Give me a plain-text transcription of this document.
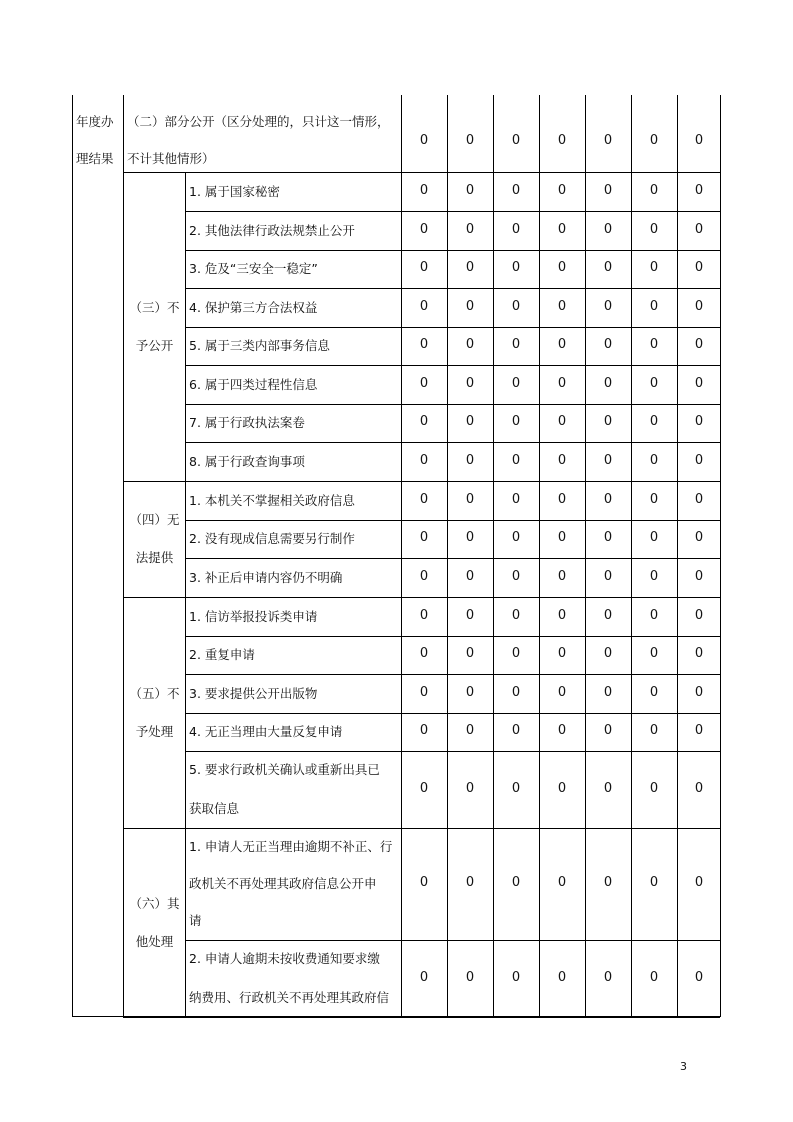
年度办
理结果
（二）部分公开（区分处理的，只计这一情形，
不计其他情形）
0	0	0	0	0	0	0
（三）不
予公开
1. 属于国家秘密	0	0	0	0	0	0	0
2. 其他法律行政法规禁止公开	0	0	0	0	0	0	0
3. 危及“三安全一稳定”	0	0	0	0	0	0	0
4. 保护第三方合法权益	0	0	0	0	0	0	0
5. 属于三类内部事务信息	0	0	0	0	0	0	0
6. 属于四类过程性信息	0	0	0	0	0	0	0
7. 属于行政执法案卷	0	0	0	0	0	0	0
8. 属于行政查询事项	0	0	0	0	0	0	0
（四）无
法提供
1. 本机关不掌握相关政府信息	0	0	0	0	0	0	0
2. 没有现成信息需要另行制作	0	0	0	0	0	0	0
3. 补正后申请内容仍不明确	0	0	0	0	0	0	0
（五）不
予处理
1. 信访举报投诉类申请	0	0	0	0	0	0	0
2. 重复申请	0	0	0	0	0	0	0
3. 要求提供公开出版物	0	0	0	0	0	0	0
4. 无正当理由大量反复申请	0	0	0	0	0	0	0
5. 要求行政机关确认或重新出具已
获取信息
0	0	0	0	0	0	0
（六）其
他处理
1. 申请人无正当理由逾期不补正、行
政机关不再处理其政府信息公开申
请
0	0	0	0	0	0	0
2. 申请人逾期未按收费通知要求缴
纳费用、行政机关不再处理其政府信
0	0	0	0	0	0	0
3
